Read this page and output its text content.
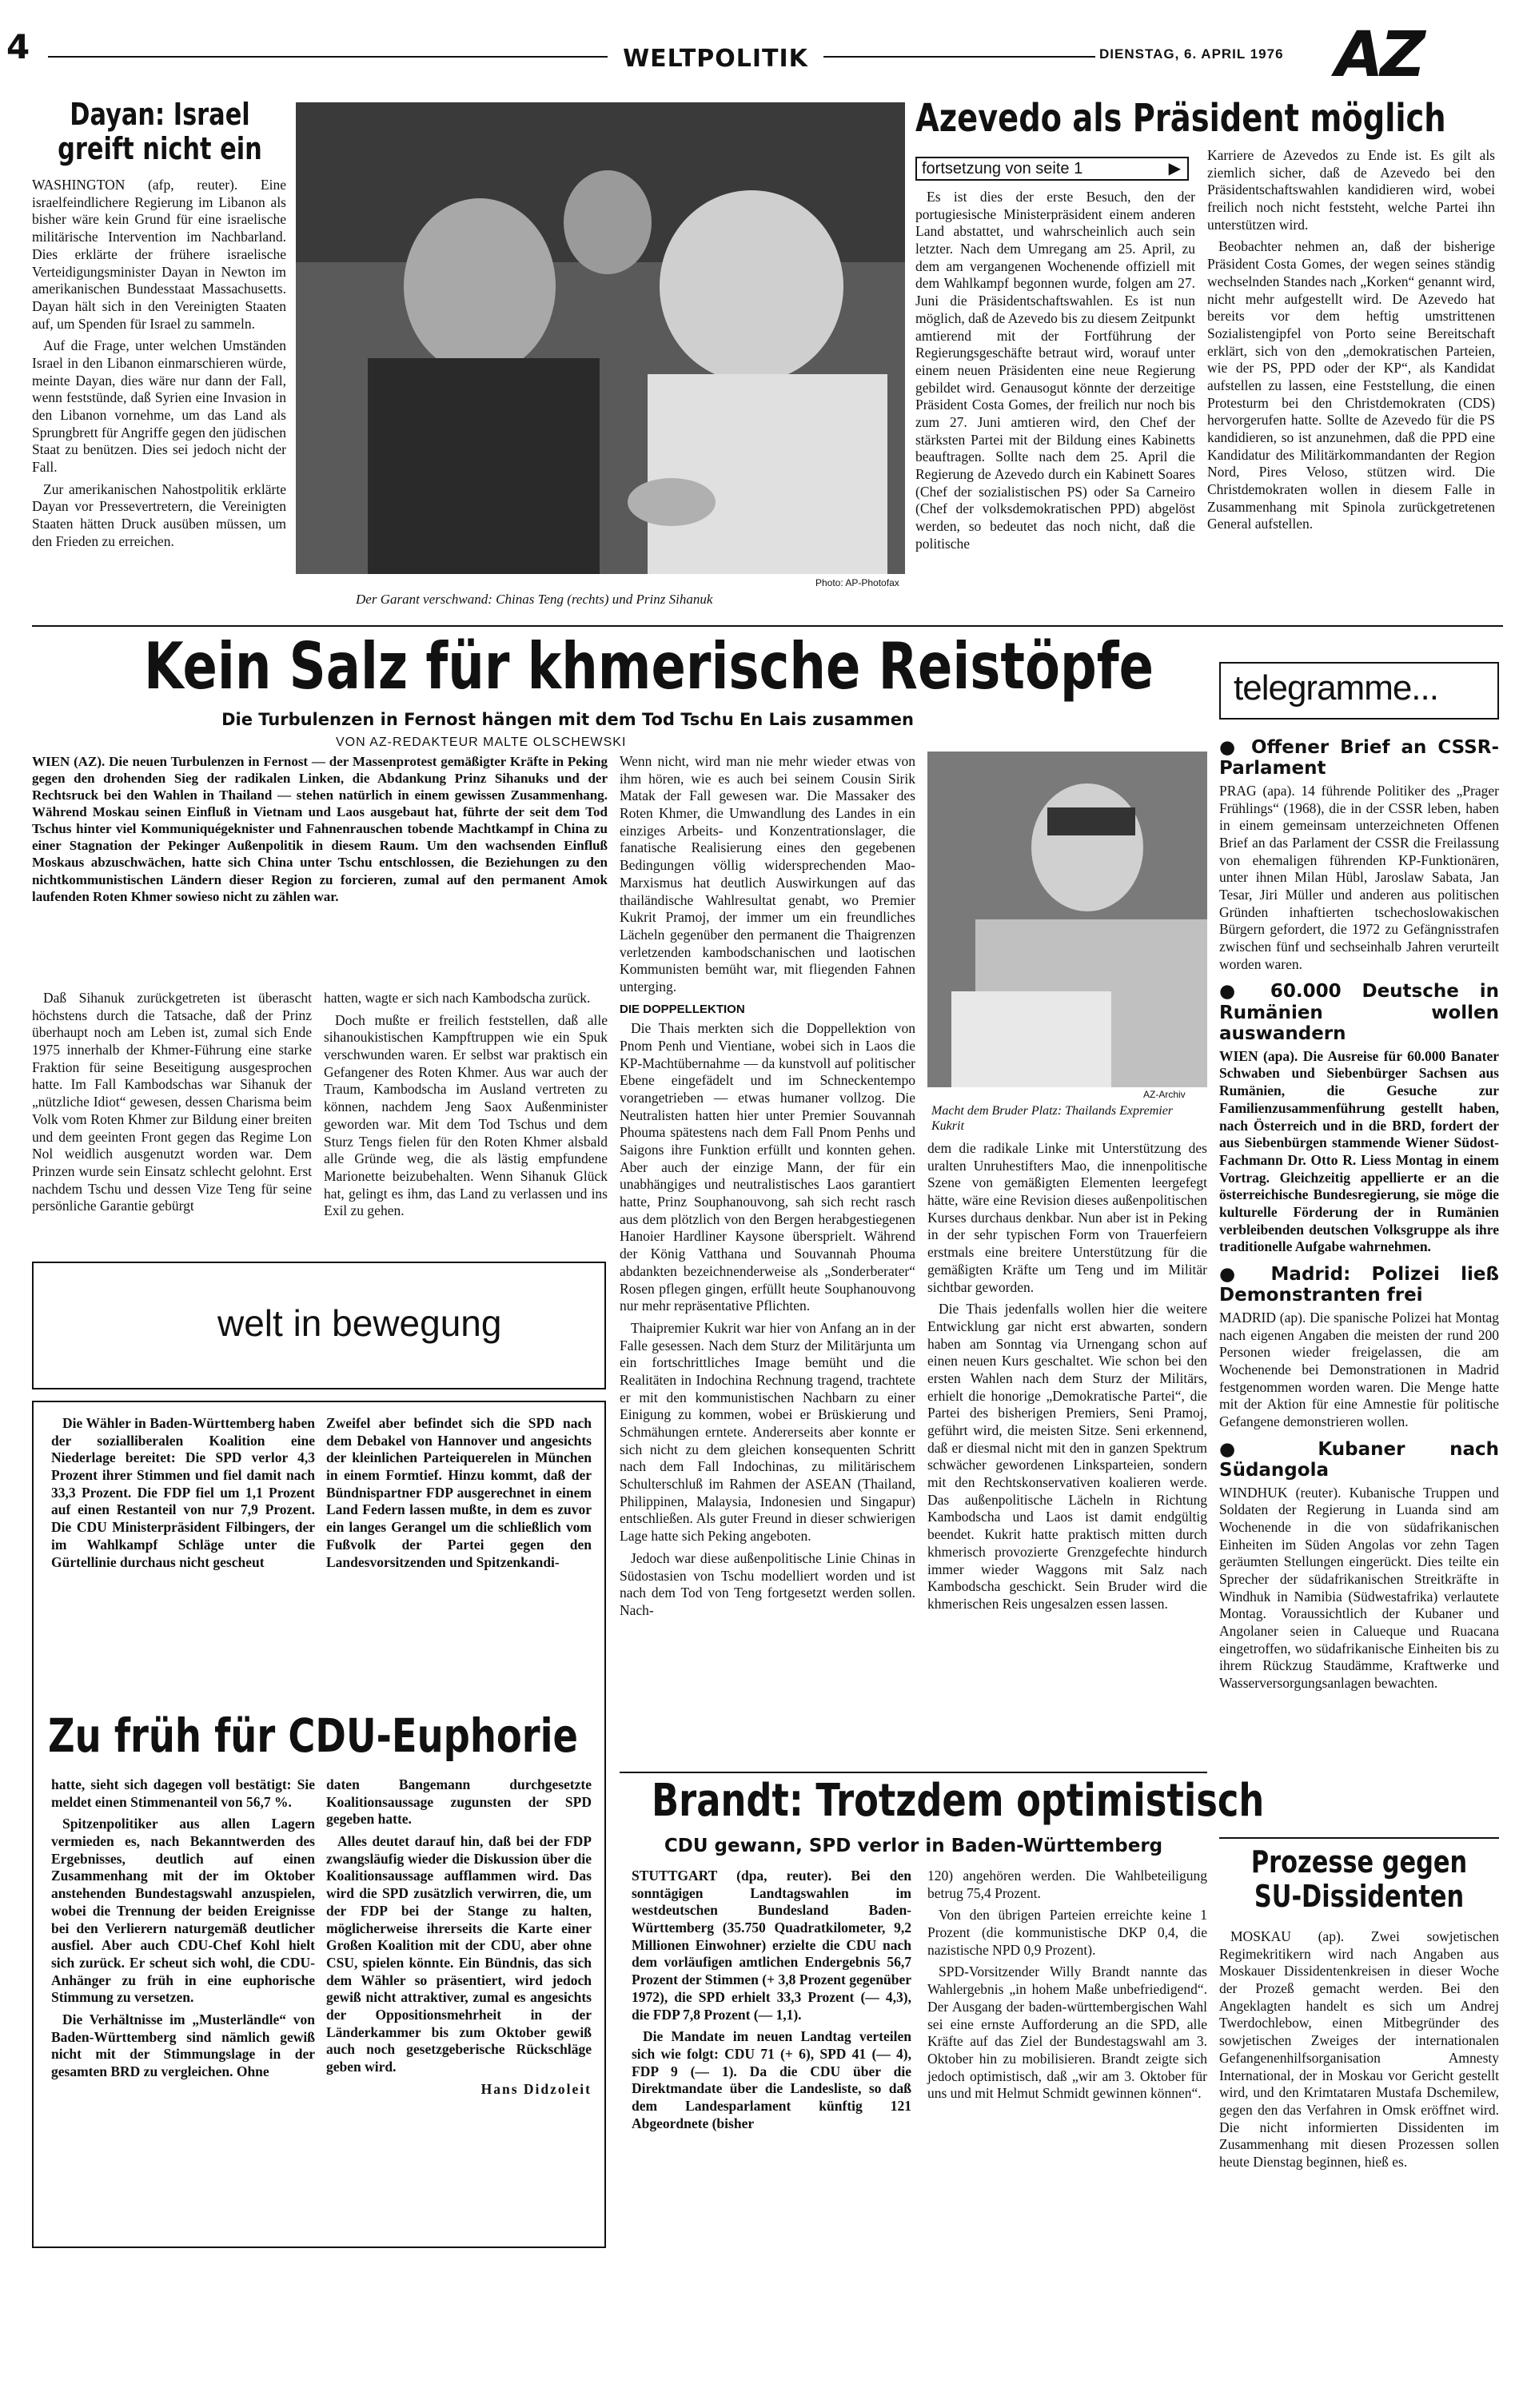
4	WELTPOLITIK	DIENSTAG, 6. APRIL 1976 AZ
Dayan: Israel greift nicht ein

WASHINGTON (afp, reuter). Eine israelfeindlichere Regierung im Libanon als bisher wäre kein Grund für eine israelische militärische Intervention im Nachbarland. Dies erklärte der frühere israelische Verteidigungsminister Dayan in Newton im amerikanischen Bundesstaat Massachusetts. Dayan hält sich in den Vereinigten Staaten auf, um Spenden für Israel zu sammeln.

Auf die Frage, unter welchen Umständen Israel in den Libanon einmarschieren würde, meinte Dayan, dies wäre nur dann der Fall, wenn feststünde, daß Syrien eine Invasion in den Libanon vornehme, um das Land als Sprungbrett für Angriffe gegen den jüdischen Staat zu benützen. Dies sei jedoch nicht der Fall.

Zur amerikanischen Nahostpolitik erklärte Dayan vor Pressevertretern, die Vereinigten Staaten hätten Druck ausüben müssen, um den Frieden zu erreichen.

Photo: AP-Photofax
Der Garant verschwand: Chinas Teng (rechts) und Prinz Sihanuk
Azevedo als Präsident möglich
fortsetzung von seite 1	▶

Es ist dies der erste Besuch, den der portugiesische Ministerpräsident einem anderen Land abstattet, und wahrscheinlich auch sein letzter. Nach dem Umregang am 25. April, zu dem am vergangenen Wochenende offiziell mit dem Wahlkampf begonnen wurde, folgen am 27. Juni die Präsidentschaftswahlen. Es ist nun möglich, daß de Azevedo bis zu diesem Zeitpunkt amtierend mit der Fortführung der Regierungsgeschäfte betraut wird, worauf unter einem neuen Präsidenten eine neue Regierung gebildet wird. Genausogut könnte der derzeitige Präsident Costa Gomes, der freilich nur noch bis zum 27. Juni amtieren wird, den Chef der stärksten Partei mit der Bildung eines Kabinetts beauftragen. Sollte nach dem 25. April die Regierung de Azevedo durch ein Kabinett Soares (Chef der sozialistischen PS) oder Sa Carneiro (Chef der volksdemokratischen PPD) abgelöst werden, so bedeutet das noch nicht, daß die politische

Karriere de Azevedos zu Ende ist. Es gilt als ziemlich sicher, daß de Azevedo bei den Präsidentschaftswahlen kandidieren wird, wobei freilich noch nicht feststeht, welche Partei ihn unterstützen wird.

Beobachter nehmen an, daß der bisherige Präsident Costa Gomes, der wegen seines ständig wechselnden Standes nach „Korken“ genannt wird, nicht mehr aufgestellt wird. De Azevedo hat bereits vor dem heftig umstrittenen Sozialistengipfel von Porto seine Bereitschaft erklärt, sich von den „demokratischen Parteien, wie der PS, PPD oder der KP“, als Kandidat aufstellen zu lassen, eine Feststellung, die einen Protesturm bei den Christdemokraten (CDS) hervorgerufen hatte. Sollte de Azevedo für die PS kandidieren, so ist anzunehmen, daß die PPD eine Kandidatur des Militärkommandanten der Region Nord, Pires Veloso, stützen wird. Die Christdemokraten wollen in diesem Falle in Zusammenhang mit Spinola zurückgetretenen General aufstellen.

Kein Salz für khmerische Reistöpfe
Die Turbulenzen in Fernost hängen mit dem Tod Tschu En Lais zusammen
VON AZ-REDAKTEUR MALTE OLSCHEWSKI
WIEN (AZ). Die neuen Turbulenzen in Fernost — der Massenprotest gemäßigter Kräfte in Peking gegen den drohenden Sieg der radikalen Linken, die Abdankung Prinz Sihanuks und der Rechtsruck bei den Wahlen in Thailand — stehen natürlich in einem gewissen Zusammenhang. Während Moskau seinen Einfluß in Vietnam und Laos ausgebaut hat, führte der seit dem Tod Tschus hinter viel Kommuniquégeknister und Fahnenrauschen tobende Machtkampf in China zu einer Stagnation der Pekinger Außenpolitik in diesem Raum. Um den wachsenden Einfluß Moskaus abzuschwächen, hatte sich China unter Tschu entschlossen, die Beziehungen zu den nichtkommunistischen Ländern dieser Region zu forcieren, zumal auf den permanent Amok laufenden Roten Khmer sowieso nicht zu zählen war.

Daß Sihanuk zurückgetreten ist überascht höchstens durch die Tatsache, daß der Prinz überhaupt noch am Leben ist, zumal sich Ende 1975 innerhalb der Khmer-Führung eine starke Fraktion für seine Beseitigung ausgesprochen hatte. Im Fall Kambodschas war Sihanuk der „nützliche Idiot“ gewesen, dessen Charisma beim Volk vom Roten Khmer zur Bildung einer breiten und dem geeinten Front gegen das Regime Lon Nol weidlich ausgenutzt worden war. Dem Prinzen wurde sein Einsatz schlecht gelohnt. Erst nachdem Tschu und dessen Vize Teng für seine persönliche Garantie gebürgt

hatten, wagte er sich nach Kambodscha zurück.

Doch mußte er freilich feststellen, daß alle sihanoukistischen Kampftruppen wie ein Spuk verschwunden waren. Er selbst war praktisch ein Gefangener des Roten Khmer. Aus war auch der Traum, Kambodscha im Ausland vertreten zu können, nachdem Jeng Saox Außenminister geworden war. Mit dem Tod Tschus und dem Sturz Tengs fielen für den Roten Khmer alsbald alle Gründe weg, die als lästig empfundene Marionette beizubehalten. Wenn Sihanuk Glück hat, gelingt es ihm, das Land zu verlassen und ins Exil zu gehen.

Wenn nicht, wird man nie mehr wieder etwas von ihm hören, wie es auch bei seinem Cousin Sirik Matak der Fall gewesen war. Die Massaker des Roten Khmer, die Umwandlung des Landes in ein einziges Arbeits- und Konzentrationslager, die fanatische Realisierung eines den gegebenen Bedingungen völlig widersprechenden Mao-Marxismus hat deutlich Auswirkungen auf das thailändische Wahlresultat genabt, wo Premier Kukrit Pramoj, der immer um ein freundliches Lächeln gegenüber den permanent die Thaigrenzen verletzenden kambodschanischen und laotischen Kommunisten bemüht war, mit fliegenden Fahnen unterging.

DIE DOPPELLEKTION

Die Thais merkten sich die Doppellektion von Pnom Penh und Vientiane, wobei sich in Laos die KP-Machtübernahme — da kunstvoll auf politischer Ebene eingefädelt und im Schneckentempo vorangetrieben — etwas humaner vollzog. Die Neutralisten hatten hier unter Premier Souvannah Phouma spätestens nach dem Fall Pnom Penhs und Saigons ihre Funktion erfüllt und konnten gehen. Aber auch der einzige Mann, der für ein unabhängiges und neutralistisches Laos garantiert hatte, Prinz Souphanouvong, sah sich recht rasch aus dem plötzlich von den Bergen herabgestiegenen Hanoier Hardliner Kaysone übersprielt. Während der König Vatthana und Souvannah Phouma abdankten bezeichnenderweise als „Sonderberater“ Rosen pflegen gingen, erfüllt heute Souphanouvong nur mehr repräsentative Pflichten.

Thaipremier Kukrit war hier von Anfang an in der Falle gesessen. Nach dem Sturz der Militärjunta um ein fortschrittliches Image bemüht und die Realitäten in Indochina Rechnung tragend, trachtete er mit den kommunistischen Nachbarn zu einer Einigung zu kommen, wobei er Brüskierung und Schmähungen erntete. Andererseits aber konnte er sich nicht zu dem gleichen konsequenten Schritt nach dem Fall Indochinas, zu militärischem Schulterschluß im Rahmen der ASEAN (Thailand, Philippinen, Malaysia, Indonesien und Singapur) entschließen. Als guter Freund in dieser schwierigen Lage hatte sich Peking angeboten.

Jedoch war diese außenpolitische Linie Chinas in Südostasien von Tschu modelliert worden und ist nach dem Tod von Teng fortgesetzt werden sollen. Nach-

AZ-Archiv
Macht dem Bruder Platz: Thailands Expremier Kukrit

dem die radikale Linke mit Unterstützung des uralten Unruhestifters Mao, die innenpolitische Szene von gemäßigten Elementen leergefegt hätte, wäre eine Revision dieses außenpolitischen Kurses durchaus denkbar. Nun aber ist in Peking in der sehr typischen Form von Trauerfeiern erstmals eine breitere Unterstützung für die gemäßigten Kräfte um Teng und im Militär sichtbar geworden.

Die Thais jedenfalls wollen hier die weitere Entwicklung gar nicht erst abwarten, sondern haben am Sonntag via Urnengang schon auf einen neuen Kurs geschaltet. Wie schon bei den ersten Wahlen nach dem Sturz der Militärs, erhielt die honorige „Demokratische Partei“, die Partei des bisherigen Premiers, Seni Pramoj, geführt wird, die meisten Sitze. Seni erkennend, daß er diesmal nicht mit den in ganzen Spektrum schwächer gewordenen Linksparteien, sondern mit den Rechtskonservativen koalieren werde. Das außenpolitische Lächeln in Richtung Kambodscha und Laos ist damit endgültig beendet. Kukrit hatte praktisch mitten durch khmerisch provozierte Grenzgefechte hindurch immer wieder Waggons mit Salz nach Kambodscha geschickt. Sein Bruder wird die khmerischen Reis ungesalzen essen lassen.

telegramme...
● Offener Brief an CSSR-Parlament

PRAG (apa). 14 führende Politiker des „Prager Frühlings“ (1968), die in der CSSR leben, haben in einem gemeinsam unterzeichneten Offenen Brief an das Parlament der CSSR die Freilassung von ehemaligen führenden KP-Funktionären, unter ihnen Milan Hübl, Jaroslaw Sabata, Jan Tesar, Jiri Müller und anderen aus politischen Gründen inhaftierten tschechoslowakischen Bürgern gefordert, die 1972 zu Gefängnisstrafen zwischen fünf und sechseinhalb Jahren verurteilt worden waren.

● 60.000 Deutsche in Rumänien wollen auswandern

WIEN (apa). Die Ausreise für 60.000 Banater Schwaben und Siebenbürger Sachsen aus Rumänien, die Gesuche zur Familienzusammenführung gestellt haben, nach Österreich und in die BRD, fordert der aus Siebenbürgen stammende Wiener Südost-Fachmann Dr. Otto R. Liess Montag in einem Vortrag. Gleichzeitig appellierte er an die österreichische Bundesregierung, sie möge die kulturelle Förderung der in Rumänien verbleibenden deutschen Volksgruppe als ihre traditionelle Aufgabe wahrnehmen.

● Madrid: Polizei ließ Demonstranten frei

MADRID (ap). Die spanische Polizei hat Montag nach eigenen Angaben die meisten der rund 200 Personen wieder freigelassen, die am Wochenende bei Demonstrationen in Madrid festgenommen worden waren. Die Menge hatte mit der Aktion für eine Amnestie für politische Gefangene demonstrieren wollen.

● Kubaner nach Südangola

WINDHUK (reuter). Kubanische Truppen und Soldaten der Regierung in Luanda sind am Wochenende in die von südafrikanischen Einheiten im Süden Angolas vor zehn Tagen geräumten Stellungen eingerückt. Dies teilte ein Sprecher der südafrikanischen Streitkräfte in Windhuk in Namibia (Südwestafrika) verlautete Montag. Voraussichtlich der Kubaner und Angolaner seien in Calueque und Ruacana eingetroffen, wo südafrikanische Einheiten bis zu ihrem Rückzug Staudämme, Kraftwerke und Wasserversorgungsanlagen bewachten.

Prozesse gegen SU-Dissidenten

MOSKAU (ap). Zwei sowjetischen Regimekritikern wird nach Angaben aus Moskauer Dissidentenkreisen in dieser Woche der Prozeß gemacht werden. Bei den Angeklagten handelt es sich um Andrej Twerdochlebow, einen Mitbegründer des sowjetischen Zweiges der internationalen Gefangenenhilfsorganisation Amnesty International, der in Moskau vor Gericht gestellt wird, und den Krimtataren Mustafa Dschemilew, gegen den das Verfahren in Omsk eröffnet wird. Die nicht informierten Dissidenten im Zusammenhang mit diesen Prozessen sollen heute Dienstag beginnen, hieß es.

welt in bewegung

Die Wähler in Baden-Württemberg haben der sozialliberalen Koalition eine Niederlage bereitet: Die SPD verlor 4,3 Prozent ihrer Stimmen und fiel damit nach 33,3 Prozent. Die FDP fiel um 1,1 Prozent auf einen Restanteil von nur 7,9 Prozent. Die CDU Ministerpräsident Filbingers, der im Wahlkampf Schläge unter die Gürtellinie durchaus nicht gescheut

Zweifel aber befindet sich die SPD nach dem Debakel von Hannover und angesichts der kleinlichen Parteiquerelen in München in einem Formtief. Hinzu kommt, daß der Bündnispartner FDP ausgerechnet in einem Land Federn lassen mußte, in dem es zuvor ein langes Gerangel um die schließlich vom Fußvolk der Partei gegen den Landesvorsitzenden und Spitzenkandi-

Zu früh für CDU-Euphorie

hatte, sieht sich dagegen voll bestätigt: Sie meldet einen Stimmenanteil von 56,7 %.

Spitzenpolitiker aus allen Lagern vermieden es, nach Bekanntwerden des Ergebnisses, deutlich auf einen Zusammenhang mit der im Oktober anstehenden Bundestagswahl anzuspielen, wobei die Trennung der beiden Ereignisse bei den Verlierern naturgemäß deutlicher ausfiel. Aber auch CDU-Chef Kohl hielt sich zurück. Er scheut sich wohl, die CDU-Anhänger zu früh in eine euphorische Stimmung zu versetzen.

Die Verhältnisse im „Musterländle“ von Baden-Württemberg sind nämlich gewiß nicht mit der Stimmungslage in der gesamten BRD zu vergleichen. Ohne

daten Bangemann durchgesetzte Koalitionsaussage zugunsten der SPD gegeben hatte.

Alles deutet darauf hin, daß bei der FDP zwangsläufig wieder die Diskussion über die Koalitionsaussage aufflammen wird. Das wird die SPD zusätzlich verwirren, die, um der FDP bei der Stange zu halten, möglicherweise ihrerseits die Karte einer Großen Koalition mit der CDU, aber ohne CSU, spielen könnte. Ein Bündnis, das sich dem Wähler so präsentiert, wird jedoch gewiß nicht attraktiver, zumal es angesichts der Oppositionsmehrheit in der Länderkammer bis zum Oktober gewiß auch noch gesetzgeberische Rückschläge geben wird.

Hans Didzoleit
Brandt: Trotzdem optimistisch
CDU gewann, SPD verlor in Baden-Württemberg

STUTTGART (dpa, reuter). Bei den sonntägigen Landtagswahlen im westdeutschen Bundesland Baden-Württemberg (35.750 Quadratkilometer, 9,2 Millionen Einwohner) erzielte die CDU nach dem vorläufigen amtlichen Endergebnis 56,7 Prozent der Stimmen (+ 3,8 Prozent gegenüber 1972), die SPD erhielt 33,3 Prozent (— 4,3), die FDP 7,8 Prozent (— 1,1).

Die Mandate im neuen Landtag verteilen sich wie folgt: CDU 71 (+ 6), SPD 41 (— 4), FDP 9 (— 1). Da die CDU über die Direktmandate über die Landesliste, so daß dem Landesparlament künftig 121 Abgeordnete (bisher

120) angehören werden. Die Wahlbeteiligung betrug 75,4 Prozent.

Von den übrigen Parteien erreichte keine 1 Prozent (die kommunistische DKP 0,4, die nazistische NPD 0,9 Prozent).

SPD-Vorsitzender Willy Brandt nannte das Wahlergebnis „in hohem Maße unbefriedigend“. Der Ausgang der baden-württembergischen Wahl sei eine ernste Aufforderung an die SPD, alle Kräfte auf das Ziel der Bundestagswahl am 3. Oktober hin zu mobilisieren. Brandt zeigte sich jedoch optimistisch, daß „wir am 3. Oktober für uns und mit Helmut Schmidt gewinnen können“.
